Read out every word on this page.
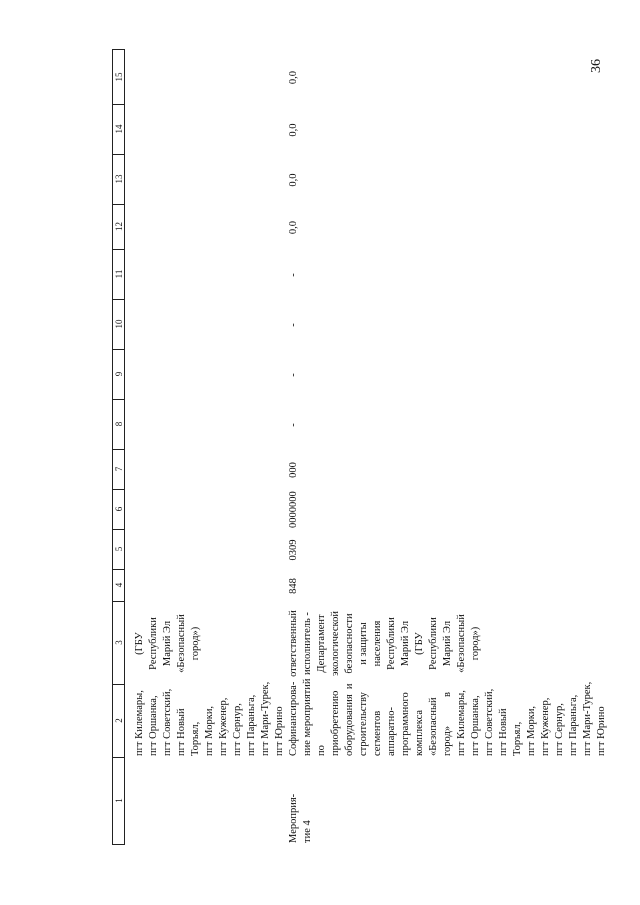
36
1
2
3
4
5
6
7
8
9
10
11
12
13
14
15
пгт Килемары,
пгт Оршанка,
пгт Советский,
пгт Новый
Торъял,
пгт Морки,
пгт Куженер,
пгт Сернур,
пгт Параньга,
пгт Мари-Турек,
пгт Юрино
(ГБУ
Республики
Марий Эл
«Безопасный
город»)
Мероприя-
тие 4
Софинансирова-
ние мероприятий
по
приобретению
оборудования  и
строительству
сегментов
аппаратно-
программного
комплекса
«Безопасный
город»           в
пгт Килемары,
пгт Оршанка,
пгт Советский,
пгт Новый
Торъял,
пгт Морки,
пгт Куженер,
пгт Сернур,
пгт Параньга,
пгт Мари-Турек,
пгт Юрино
ответственный
исполнитель -
Департамент
экологической
безопасности
и защиты
населения
Республики
Марий Эл
(ГБУ
Республики
Марий Эл
«Безопасный
город»)
848
0309
0000000
000
-
-
-
-
0,0
0,0
0,0
0,0
